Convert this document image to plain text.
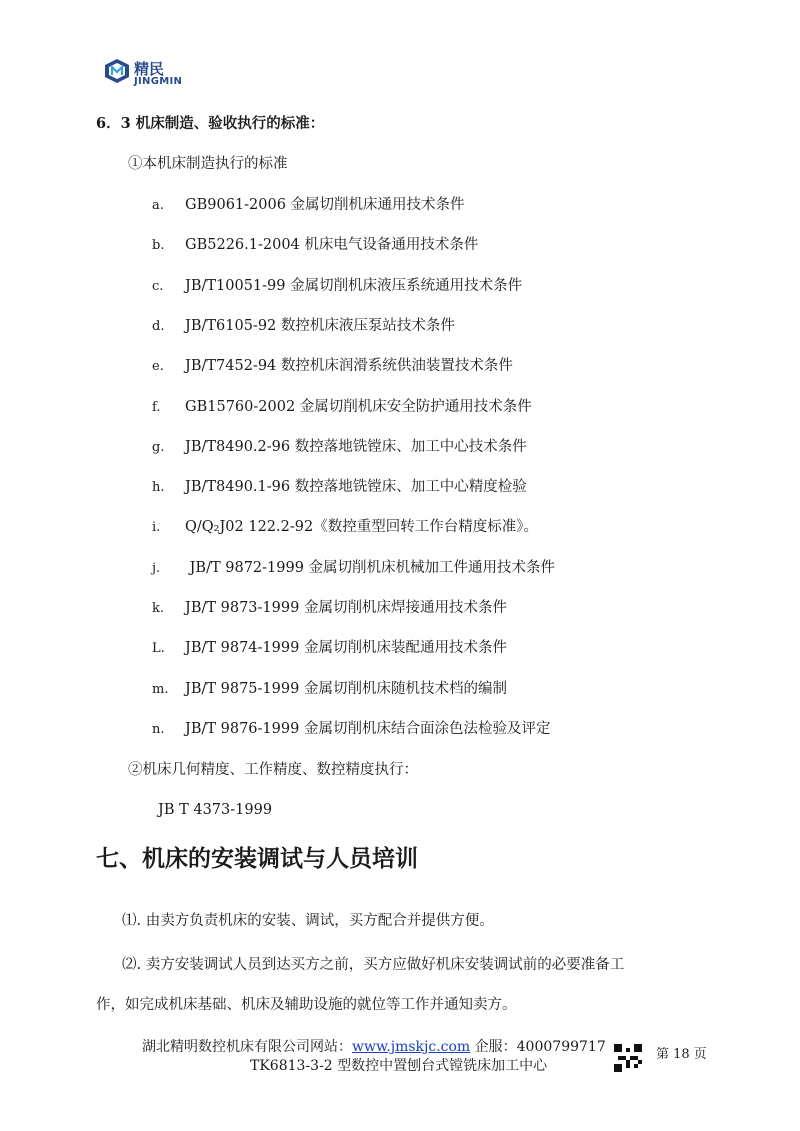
精民
JINGMIN
6．3 机床制造、验收执行的标准：
①本机床制造执行的标准
a. GB9061-2006 金属切削机床通用技术条件
b. GB5226.1-2004 机床电气设备通用技术条件
c. JB/T10051-99 金属切削机床液压系统通用技术条件
d. JB/T6105-92 数控机床液压泵站技术条件
e. JB/T7452-94 数控机床润滑系统供油装置技术条件
f. GB15760-2002 金属切削机床安全防护通用技术条件
g. JB/T8490.2-96 数控落地铣镗床、加工中心技术条件
h. JB/T8490.1-96 数控落地铣镗床、加工中心精度检验
i. Q/Q₂J02 122.2-92《数控重型回转工作台精度标准》。
j. JB/T 9872-1999 金属切削机床机械加工件通用技术条件
k. JB/T 9873-1999 金属切削机床焊接通用技术条件
L. JB/T 9874-1999 金属切削机床装配通用技术条件
m. JB/T 9875-1999 金属切削机床随机技术档的编制
n. JB/T 9876-1999 金属切削机床结合面涂色法检验及评定
②机床几何精度、工作精度、数控精度执行：
JB T 4373-1999
七、机床的安装调试与人员培训
⑴. 由卖方负责机床的安装、调试，买方配合并提供方便。
⑵. 卖方安装调试人员到达买方之前，买方应做好机床安装调试前的必要准备工
作，如完成机床基础、机床及辅助设施的就位等工作并通知卖方。
湖北精明数控机床有限公司网站：www.jmskjc.com 企服：4000799717
TK6813-3-2 型数控中置刨台式镗铣床加工中心
第 18 页
